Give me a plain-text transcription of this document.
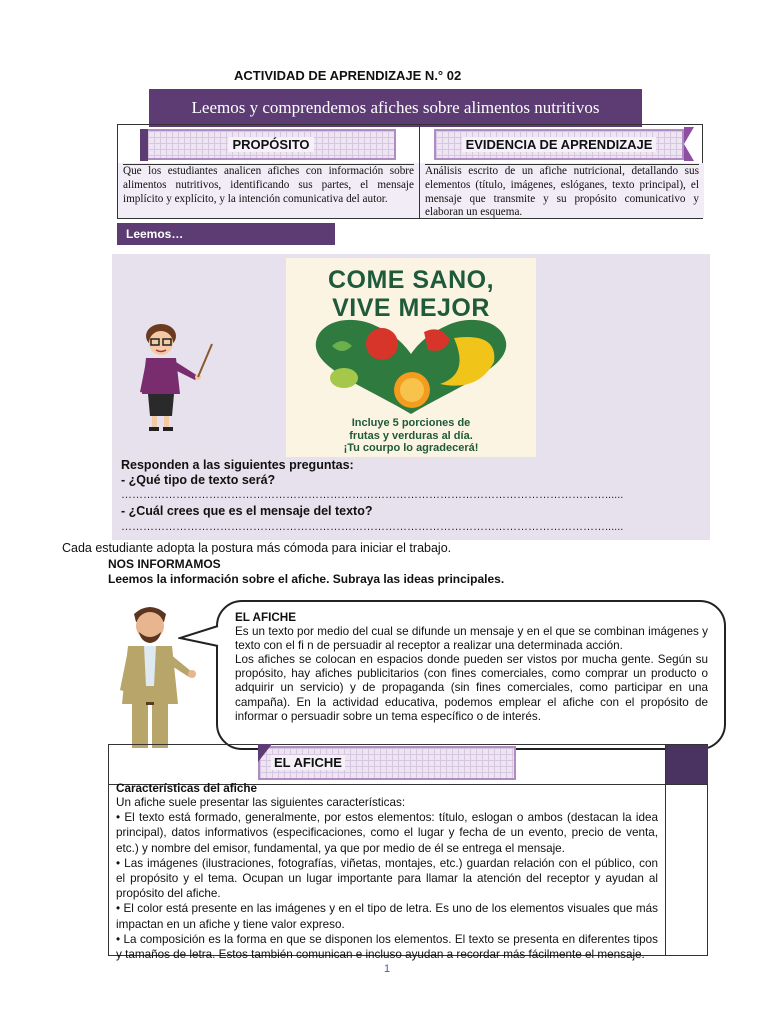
ACTIVIDAD DE APRENDIZAJE N.° 02
Leemos y comprendemos afiches sobre alimentos nutritivos
PROPÓSITO
Que los estudiantes analicen afiches con información sobre alimentos nutritivos, identificando sus partes, el mensaje implícito y explícito, y la intención comunicativa del autor.
EVIDENCIA DE APRENDIZAJE
Análisis escrito de un afiche nutricional, detallando sus elementos (título, imágenes, eslóganes, texto principal), el mensaje que transmite y su propósito comunicativo y elaboran un esquema.
Leemos…
COME SANO,
VIVE MEJOR
Incluye 5 porciones de
frutas y verduras al día.
¡Tu courpo lo agradecerá!
Responden a las siguientes preguntas:
- ¿Qué tipo de texto será?
……………………………………………………………………………………………………………………......
- ¿Cuál crees que es el mensaje del texto?
……………………………………………………………………………………………………………………......
Cada estudiante adopta la postura más cómoda para iniciar el trabajo.
NOS INFORMAMOS
Leemos la información sobre el afiche. Subraya las ideas principales.
EL AFICHE
Es un texto por medio del cual se difunde un mensaje y en el que se combinan imágenes y texto con el fi n de persuadir al receptor a realizar una determinada acción.
Los afiches se colocan en espacios donde pueden ser vistos por mucha gente. Según su propósito, hay afiches publicitarios (con fines comerciales, como comprar un producto o adquirir un servicio) y de propaganda (sin fines comerciales, como participar en una campaña). En la actividad educativa, podemos emplear el afiche con el propósito de informar o persuadir sobre un tema específico o de interés.
EL AFICHE
Características del afiche
Un afiche suele presentar las siguientes características:
• El texto está formado, generalmente, por estos elementos: título, eslogan o ambos (destacan la idea principal), datos informativos (especificaciones, como el lugar y fecha de un evento, precio de venta, etc.) y nombre del emisor, fundamental, ya que por medio de él se entrega el mensaje.
• Las imágenes (ilustraciones, fotografías, viñetas, montajes, etc.) guardan relación con el público, con el propósito y el tema. Ocupan un lugar importante para llamar la atención del receptor y ayudan al propósito del afiche.
• El color está presente en las imágenes y en el tipo de letra. Es uno de los elementos visuales que más impactan en un afiche y tiene valor expreso.
• La composición es la forma en que se disponen los elementos. El texto se presenta en diferentes tipos y tamaños de letra. Estos también comunican e incluso ayudan a recordar más fácilmente el mensaje.
1
